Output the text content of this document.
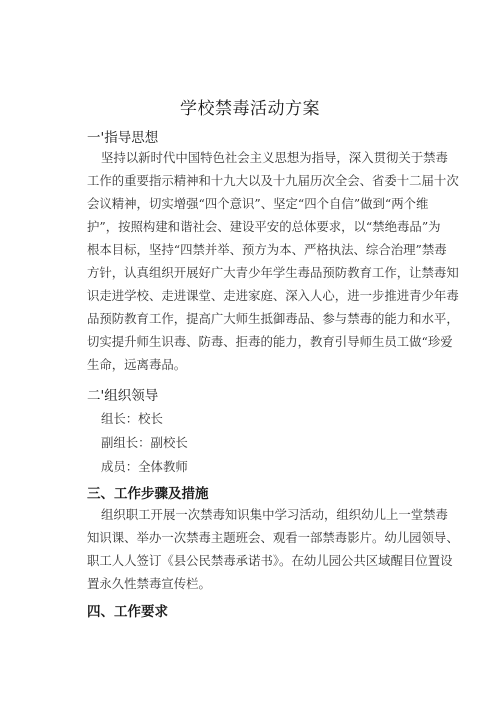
学校禁毒活动方案
一'指导思想
坚持以新时代中国特色社会主义思想为指导，深入贯彻关于禁毒
工作的重要指示精神和十九大以及十九届历次全会、省委十二届十次
会议精神，切实增强“四个意识”、坚定“四个自信”做到“两个维
护”，按照构建和谐社会、建设平安的总体要求，以“禁绝毒品”为
根本目标，坚持“四禁并举、预方为本、严格执法、综合治理”禁毒
方针，认真组织开展好广大青少年学生毒品预防教育工作，让禁毒知
识走进学校、走进课堂、走进家庭、深入人心，进一步推进青少年毒
品预防教育工作，提高广大师生抵御毒品、参与禁毒的能力和水平，
切实提升师生识毒、防毒、拒毒的能力，教育引导师生员工做“珍爱
生命，远离毒品。
二'组织领导
组长：校长
副组长：副校长
成员：全体教师
三、工作步骤及措施
组织职工开展一次禁毒知识集中学习活动，组织幼儿上一堂禁毒
知识课、举办一次禁毒主题班会、观看一部禁毒影片。幼儿园领导、
职工人人签订《县公民禁毒承诺书》。在幼儿园公共区域醒目位置设
置永久性禁毒宣传栏。
四、工作要求
